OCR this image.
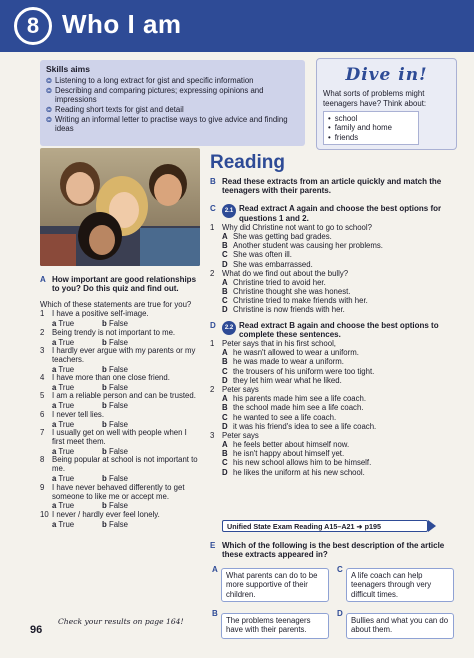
8 Who I am
Skills aims
❂ Listening to a long extract for gist and specific information
❂ Describing and comparing pictures; expressing opinions and impressions
❂ Reading short texts for gist and detail
❂ Writing an informal letter to practise ways to give advice and finding ideas
Dive in!
What sorts of problems might teenagers have? Think about:
• school
• family and home
• friends
A How important are good relationships to you? Do this quiz and find out.
Which of these statements are true for you?
1 I have a positive self-image.
a True	b False
2 Being trendy is not important to me.
a True	b False
3 I hardly ever argue with my parents or my teachers.
a True	b False
4 I have more than one close friend.
a True	b False
5 I am a reliable person and can be trusted.
a True	b False
6 I never tell lies.
a True	b False
7 I usually get on well with people when I first meet them.
a True	b False
8 Being popular at school is not important to me.
a True	b False
9 I have never behaved differently to get someone to like me or accept me.
a True	b False
10 I never / hardly ever feel lonely.
a True	b False
96
Check your results on page 164!
Reading
B Read these extracts from an article quickly and match the teenagers with their parents.
C	2.1 Read extract A again and choose the best options for questions 1 and 2.
1 Why did Christine not want to go to school?
A She was getting bad grades.
B Another student was causing her problems.
C She was often ill.
D She was embarrassed.
2 What do we find out about the bully?
A Christine tried to avoid her.
B Christine thought she was honest.
C Christine tried to make friends with her.
D Christine is now friends with her.
D	2.2 Read extract B again and choose the best options to complete these sentences.
1 Peter says that in his first school,
A he wasn't allowed to wear a uniform.
B he was made to wear a uniform.
C the trousers of his uniform were too tight.
D they let him wear what he liked.
2 Peter says
A his parents made him see a life coach.
B the school made him see a life coach.
C he wanted to see a life coach.
D it was his friend's idea to see a life coach.
3 Peter says
A he feels better about himself now.
B he isn't happy about himself yet.
C his new school allows him to be himself.
D he likes the uniform at his new school.
Unified State Exam Reading A15–A21 ➜ p195
E Which of the following is the best description of the article these extracts appeared in?
A
What parents can do to be more supportive of their children.
B
The problems teenagers have with their parents.
C
A life coach can help teenagers through very difficult times.
D
Bullies and what you can do about them.
